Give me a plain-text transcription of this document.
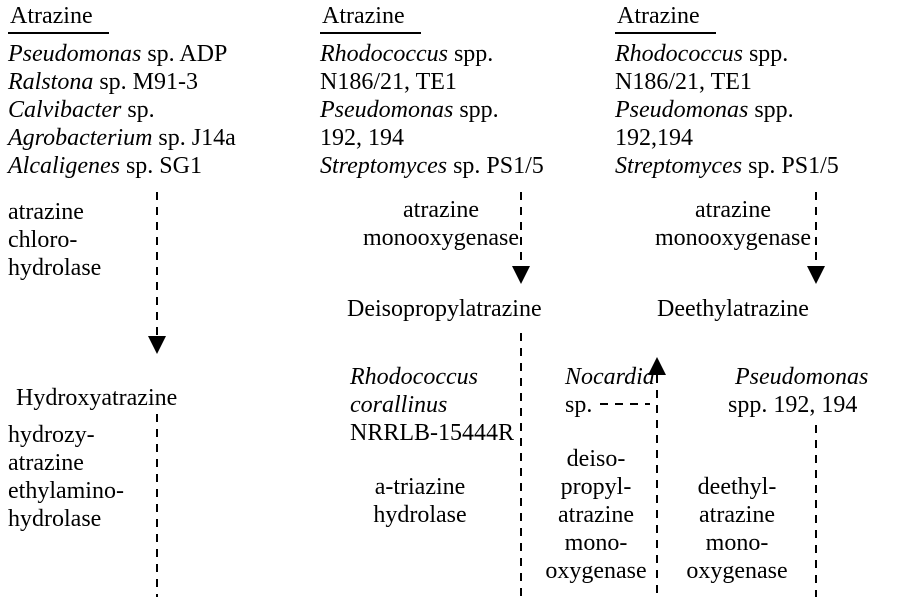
Atrazine
Pseudomonas sp. ADP
Ralstona sp. M91-3
Calvibacter sp.
Agrobacterium sp. J14a
Alcaligenes sp. SG1
atrazine
chloro-
hydrolase
Hydroxyatrazine
hydrozy-
atrazine
ethylamino-
hydrolase
Atrazine
Rhodococcus spp.
N186/21, TE1
Pseudomonas spp.
192, 194
Streptomyces sp. PS1/5
atrazine
monooxygenase
Deisopropylatrazine
Rhodococcus
corallinus
NRRLB-15444R
a-triazine
hydrolase
Nocardia
sp.
deiso-
propyl-
atrazine
mono-
oxygenase
Atrazine
Rhodococcus spp.
N186/21, TE1
Pseudomonas spp.
192,194
Streptomyces sp. PS1/5
atrazine
monooxygenase
Deethylatrazine
Pseudomonas
spp. 192, 194
deethyl-
atrazine
mono-
oxygenase
